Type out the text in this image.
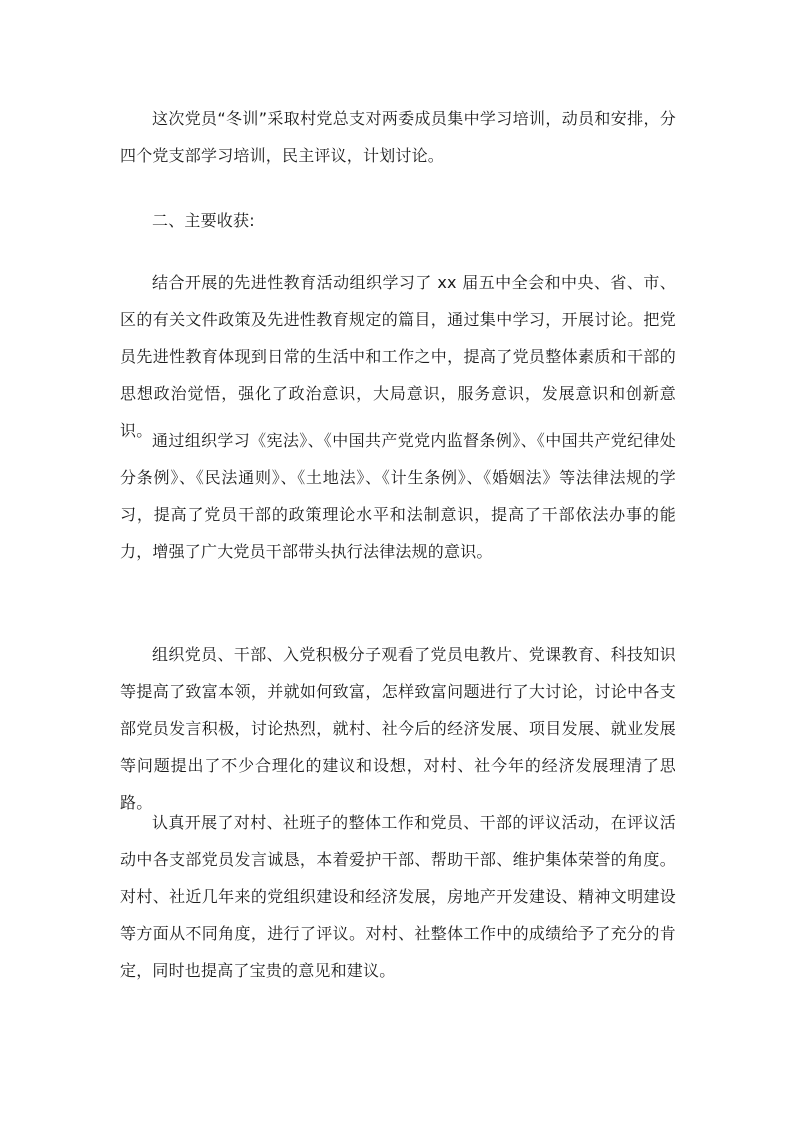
这次党员“冬训”采取村党总支对两委成员集中学习培训，动员和安排，分四个党支部学习培训，民主评议，计划讨论。

二、主要收获:

结合开展的先进性教育活动组织学习了 xx 届五中全会和中央、省、市、区的有关文件政策及先进性教育规定的篇目，通过集中学习，开展讨论。把党员先进性教育体现到日常的生活中和工作之中，提高了党员整体素质和干部的思想政治觉悟，强化了政治意识，大局意识，服务意识，发展意识和创新意识。

通过组织学习《宪法》、《中国共产党党内监督条例》、《中国共产党纪律处分条例》、《民法通则》、《土地法》、《计生条例》、《婚姻法》等法律法规的学习，提高了党员干部的政策理论水平和法制意识，提高了干部依法办事的能力，增强了广大党员干部带头执行法律法规的意识。

组织党员、干部、入党积极分子观看了党员电教片、党课教育、科技知识等提高了致富本领，并就如何致富，怎样致富问题进行了大讨论，讨论中各支部党员发言积极，讨论热烈，就村、社今后的经济发展、项目发展、就业发展等问题提出了不少合理化的建议和设想，对村、社今年的经济发展理清了思路。

认真开展了对村、社班子的整体工作和党员、干部的评议活动，在评议活动中各支部党员发言诚恳，本着爱护干部、帮助干部、维护集体荣誉的角度。对村、社近几年来的党组织建设和经济发展，房地产开发建设、精神文明建设等方面从不同角度，进行了评议。对村、社整体工作中的成绩给予了充分的肯定，同时也提高了宝贵的意见和建议。
